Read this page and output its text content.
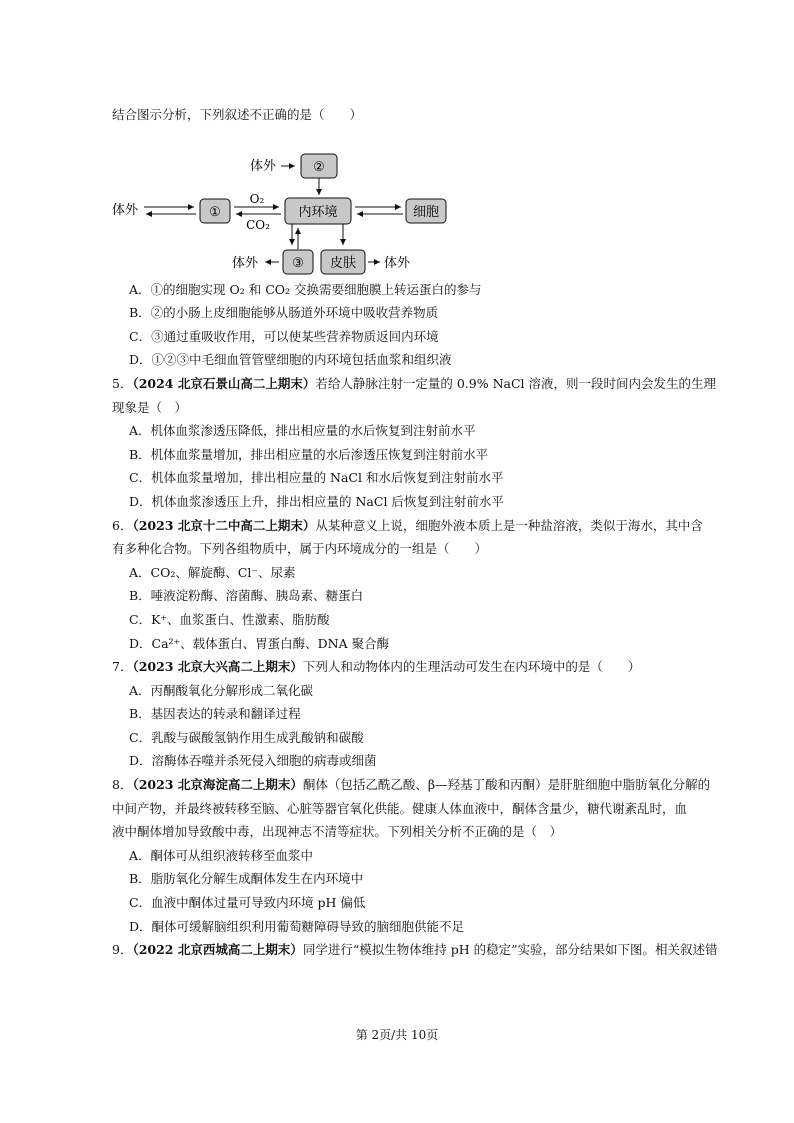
结合图示分析，下列叙述不正确的是（　　）
体外	②
体外	①
O₂
CO₂
内环境
体外	③ 皮肤 体外
细胞
A．①的细胞实现 O₂ 和 CO₂ 交换需要细胞膜上转运蛋白的参与
B．②的小肠上皮细胞能够从肠道外环境中吸收营养物质
C．③通过重吸收作用，可以使某些营养物质返回内环境
D．①②③中毛细血管管壁细胞的内环境包括血浆和组织液
5．（2024 北京石景山高二上期末）若给人静脉注射一定量的 0.9% NaCl 溶液，则一段时间内会发生的生理
现象是（　）
A．机体血浆渗透压降低，排出相应量的水后恢复到注射前水平
B．机体血浆量增加，排出相应量的水后渗透压恢复到注射前水平
C．机体血浆量增加，排出相应量的 NaCl 和水后恢复到注射前水平
D．机体血浆渗透压上升，排出相应量的 NaCl 后恢复到注射前水平
6．（2023 北京十二中高二上期末）从某种意义上说，细胞外液本质上是一种盐溶液，类似于海水，其中含
有多种化合物。下列各组物质中，属于内环境成分的一组是（　　）
A．CO₂、解旋酶、Cl⁻、尿素
B．唾液淀粉酶、溶菌酶、胰岛素、糖蛋白
C．K⁺、血浆蛋白、性激素、脂肪酸
D．Ca²⁺、载体蛋白、胃蛋白酶、DNA 聚合酶
7．（2023 北京大兴高二上期末）下列人和动物体内的生理活动可发生在内环境中的是（　　）
A．丙酮酸氧化分解形成二氧化碳
B．基因表达的转录和翻译过程
C．乳酸与碳酸氢钠作用生成乳酸钠和碳酸
D．溶酶体吞噬并杀死侵入细胞的病毒或细菌
8．（2023 北京海淀高二上期末）酮体（包括乙酰乙酸、β—羟基丁酸和丙酮）是肝脏细胞中脂肪氧化分解的
中间产物，并最终被转移至脑、心脏等器官氧化供能。健康人体血液中，酮体含量少，糖代谢紊乱时，血
液中酮体增加导致酸中毒，出现神志不清等症状。下列相关分析不正确的是（　）
A．酮体可从组织液转移至血浆中
B．脂肪氧化分解生成酮体发生在内环境中
C．血液中酮体过量可导致内环境 pH 偏低
D．酮体可缓解脑组织利用葡萄糖障碍导致的脑细胞供能不足
9．（2022 北京西城高二上期末）同学进行“模拟生物体维持 pH 的稳定”实验，部分结果如下图。相关叙述错
第 2页/共 10页
